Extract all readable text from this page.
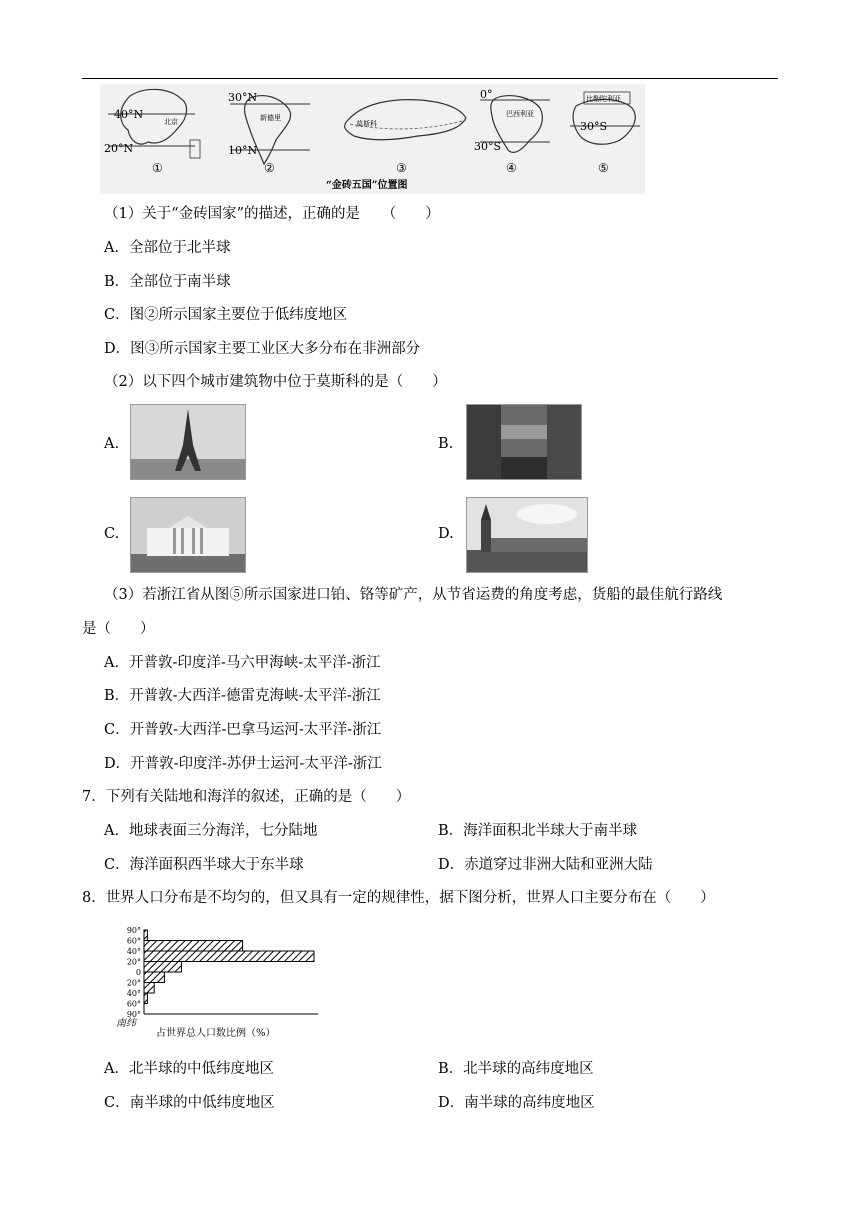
40°N
20°N
北京
①
30°N
10°N
新德里
②
莫斯科
③
0°
30°S
巴西利亚
④
比勒陀利亚
30°S
⑤
“金砖五国”位置图
（1）关于“金砖国家”的描述，正确的是　　（　　）
A．全部位于北半球
B．全部位于南半球
C．图②所示国家主要位于低纬度地区
D．图③所示国家主要工业区大多分布在非洲部分
（2）以下四个城市建筑物中位于莫斯科的是（　　）
A.	B.
C.	D.
（3）若浙江省从图⑤所示国家进口铂、铬等矿产，从节省运费的角度考虑，货船的最佳航行路线
是（　　）
A．开普敦-印度洋-马六甲海峡-太平洋-浙江
B．开普敦-大西洋-德雷克海峡-太平洋-浙江
C．开普敦-大西洋-巴拿马运河-太平洋-浙江
D．开普敦-印度洋-苏伊士运河-太平洋-浙江
7．下列有关陆地和海洋的叙述，正确的是（　　）
A．地球表面三分海洋，七分陆地	B．海洋面积北半球大于南半球
C．海洋面积西半球大于东半球	D．赤道穿过非洲大陆和亚洲大陆
8．世界人口分布是不均匀的，但又具有一定的规律性，据下图分析，世界人口主要分布在（　　）
90°
60°
40°
20°
0
20°
40°
60°
90°
南纬
占世界总人口数比例（%）
A．北半球的中低纬度地区	B．北半球的高纬度地区
C．南半球的中低纬度地区	D．南半球的高纬度地区
